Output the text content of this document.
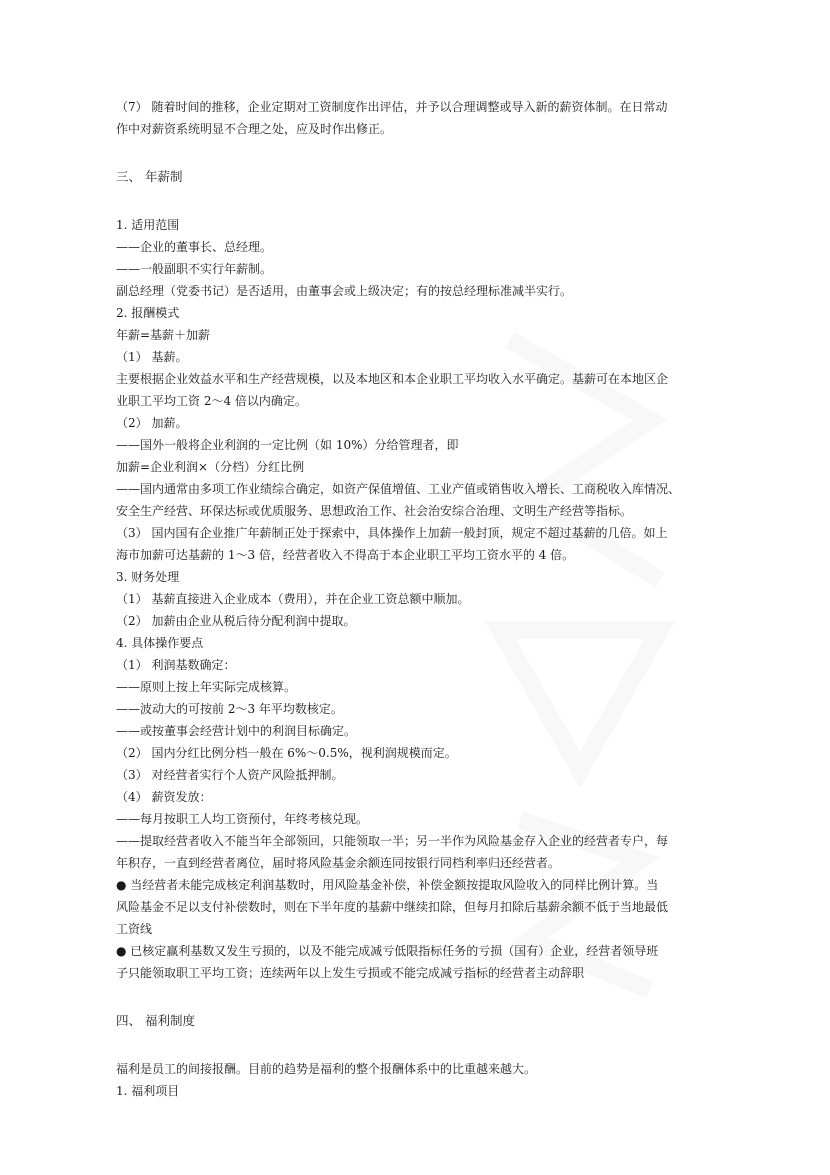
（7） 随着时间的推移，企业定期对工资制度作出评估，并予以合理调整或导入新的薪资体制。在日常动
作中对薪资系统明显不合理之处，应及时作出修正。
三、 年薪制
1. 适用范围
——企业的董事长、总经理。
——一般副职不实行年薪制。
副总经理（党委书记）是否适用，由董事会或上级决定；有的按总经理标准减半实行。
2. 报酬模式
年薪=基薪＋加薪
（1） 基薪。
主要根据企业效益水平和生产经营规模，以及本地区和本企业职工平均收入水平确定。基薪可在本地区企
业职工平均工资 2～4 倍以内确定。
（2） 加薪。
——国外一般将企业利润的一定比例（如 10%）分给管理者，即
加薪=企业利润×（分档）分红比例
——国内通常由多项工作业绩综合确定，如资产保值增值、工业产值或销售收入增长、工商税收入库情况、
安全生产经营、环保达标或优质服务、思想政治工作、社会治安综合治理、文明生产经营等指标。
（3） 国内国有企业推广年薪制正处于探索中，具体操作上加薪一般封顶，规定不超过基薪的几倍。如上
海市加薪可达基薪的 1～3 倍，经营者收入不得高于本企业职工平均工资水平的 4 倍。
3. 财务处理
（1） 基薪直接进入企业成本（费用），并在企业工资总额中顺加。
（2） 加薪由企业从税后待分配利润中提取。
4. 具体操作要点
（1） 利润基数确定：
——原则上按上年实际完成核算。
——波动大的可按前 2～3 年平均数核定。
——或按董事会经营计划中的利润目标确定。
（2） 国内分红比例分档一般在 6%～0.5%，视利润规模而定。
（3） 对经营者实行个人资产风险抵押制。
（4） 薪资发放：
——每月按职工人均工资预付，年终考核兑现。
——提取经营者收入不能当年全部领回，只能领取一半；另一半作为风险基金存入企业的经营者专户，每
年积存，一直到经营者离位，届时将风险基金余额连同按银行同档利率归还经营者。
● 当经营者未能完成核定利润基数时，用风险基金补偿，补偿金额按提取风险收入的同样比例计算。当
风险基金不足以支付补偿数时，则在下半年度的基薪中继续扣除，但每月扣除后基薪余额不低于当地最低
工资线
● 已核定赢利基数又发生亏损的，以及不能完成减亏低限指标任务的亏损（国有）企业，经营者领导班
子只能领取职工平均工资；连续两年以上发生亏损或不能完成减亏指标的经营者主动辞职
四、 福利制度
福利是员工的间接报酬。目前的趋势是福利的整个报酬体系中的比重越来越大。
1. 福利项目
